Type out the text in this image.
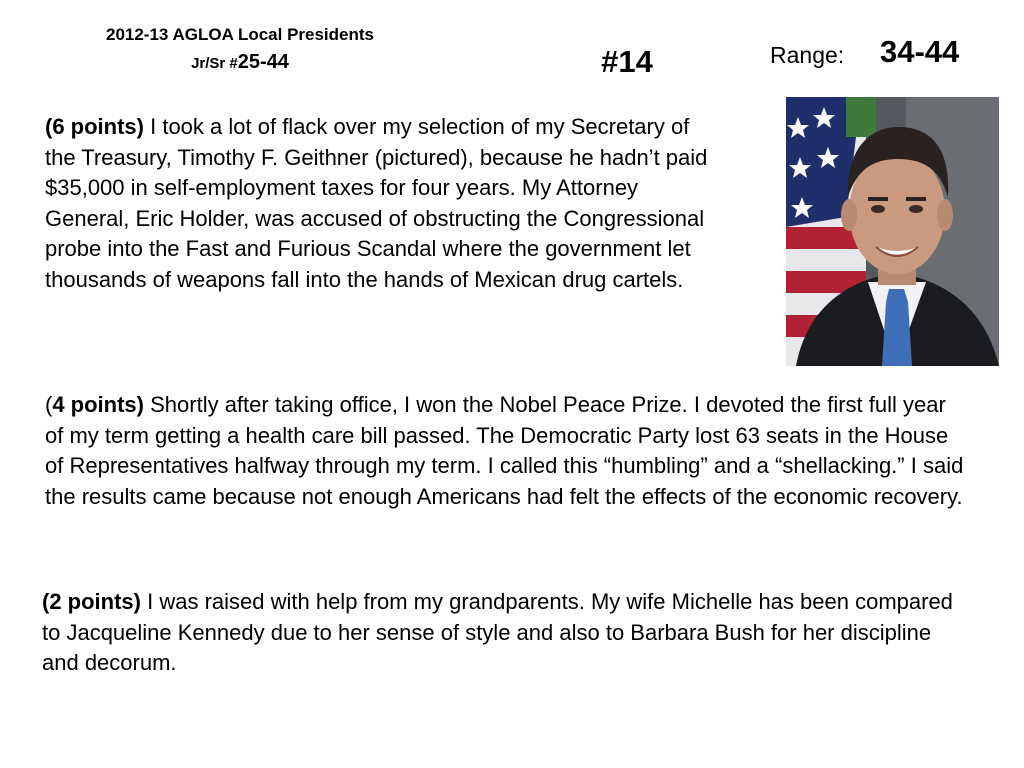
2012-13 AGLOA Local Presidents
Jr/Sr #25-44	#14	Range: 34-44
(6 points) I took a lot of flack over my selection of my Secretary of the Treasury, Timothy F. Geithner (pictured), because he hadn’t paid $35,000 in self-employment taxes for four years. My Attorney General, Eric Holder, was accused of obstructing the Congressional probe into the Fast and Furious Scandal where the government let thousands of weapons fall into the hands of Mexican drug cartels.
(4 points) Shortly after taking office, I won the Nobel Peace Prize. I devoted the first full year of my term getting a health care bill passed. The Democratic Party lost 63 seats in the House of Representatives halfway through my term. I called this “humbling” and a “shellacking.” I said the results came because not enough Americans had felt the effects of the economic recovery.
(2 points) I was raised with help from my grandparents. My wife Michelle has been compared to Jacqueline Kennedy due to her sense of style and also to Barbara Bush for her discipline and decorum.
